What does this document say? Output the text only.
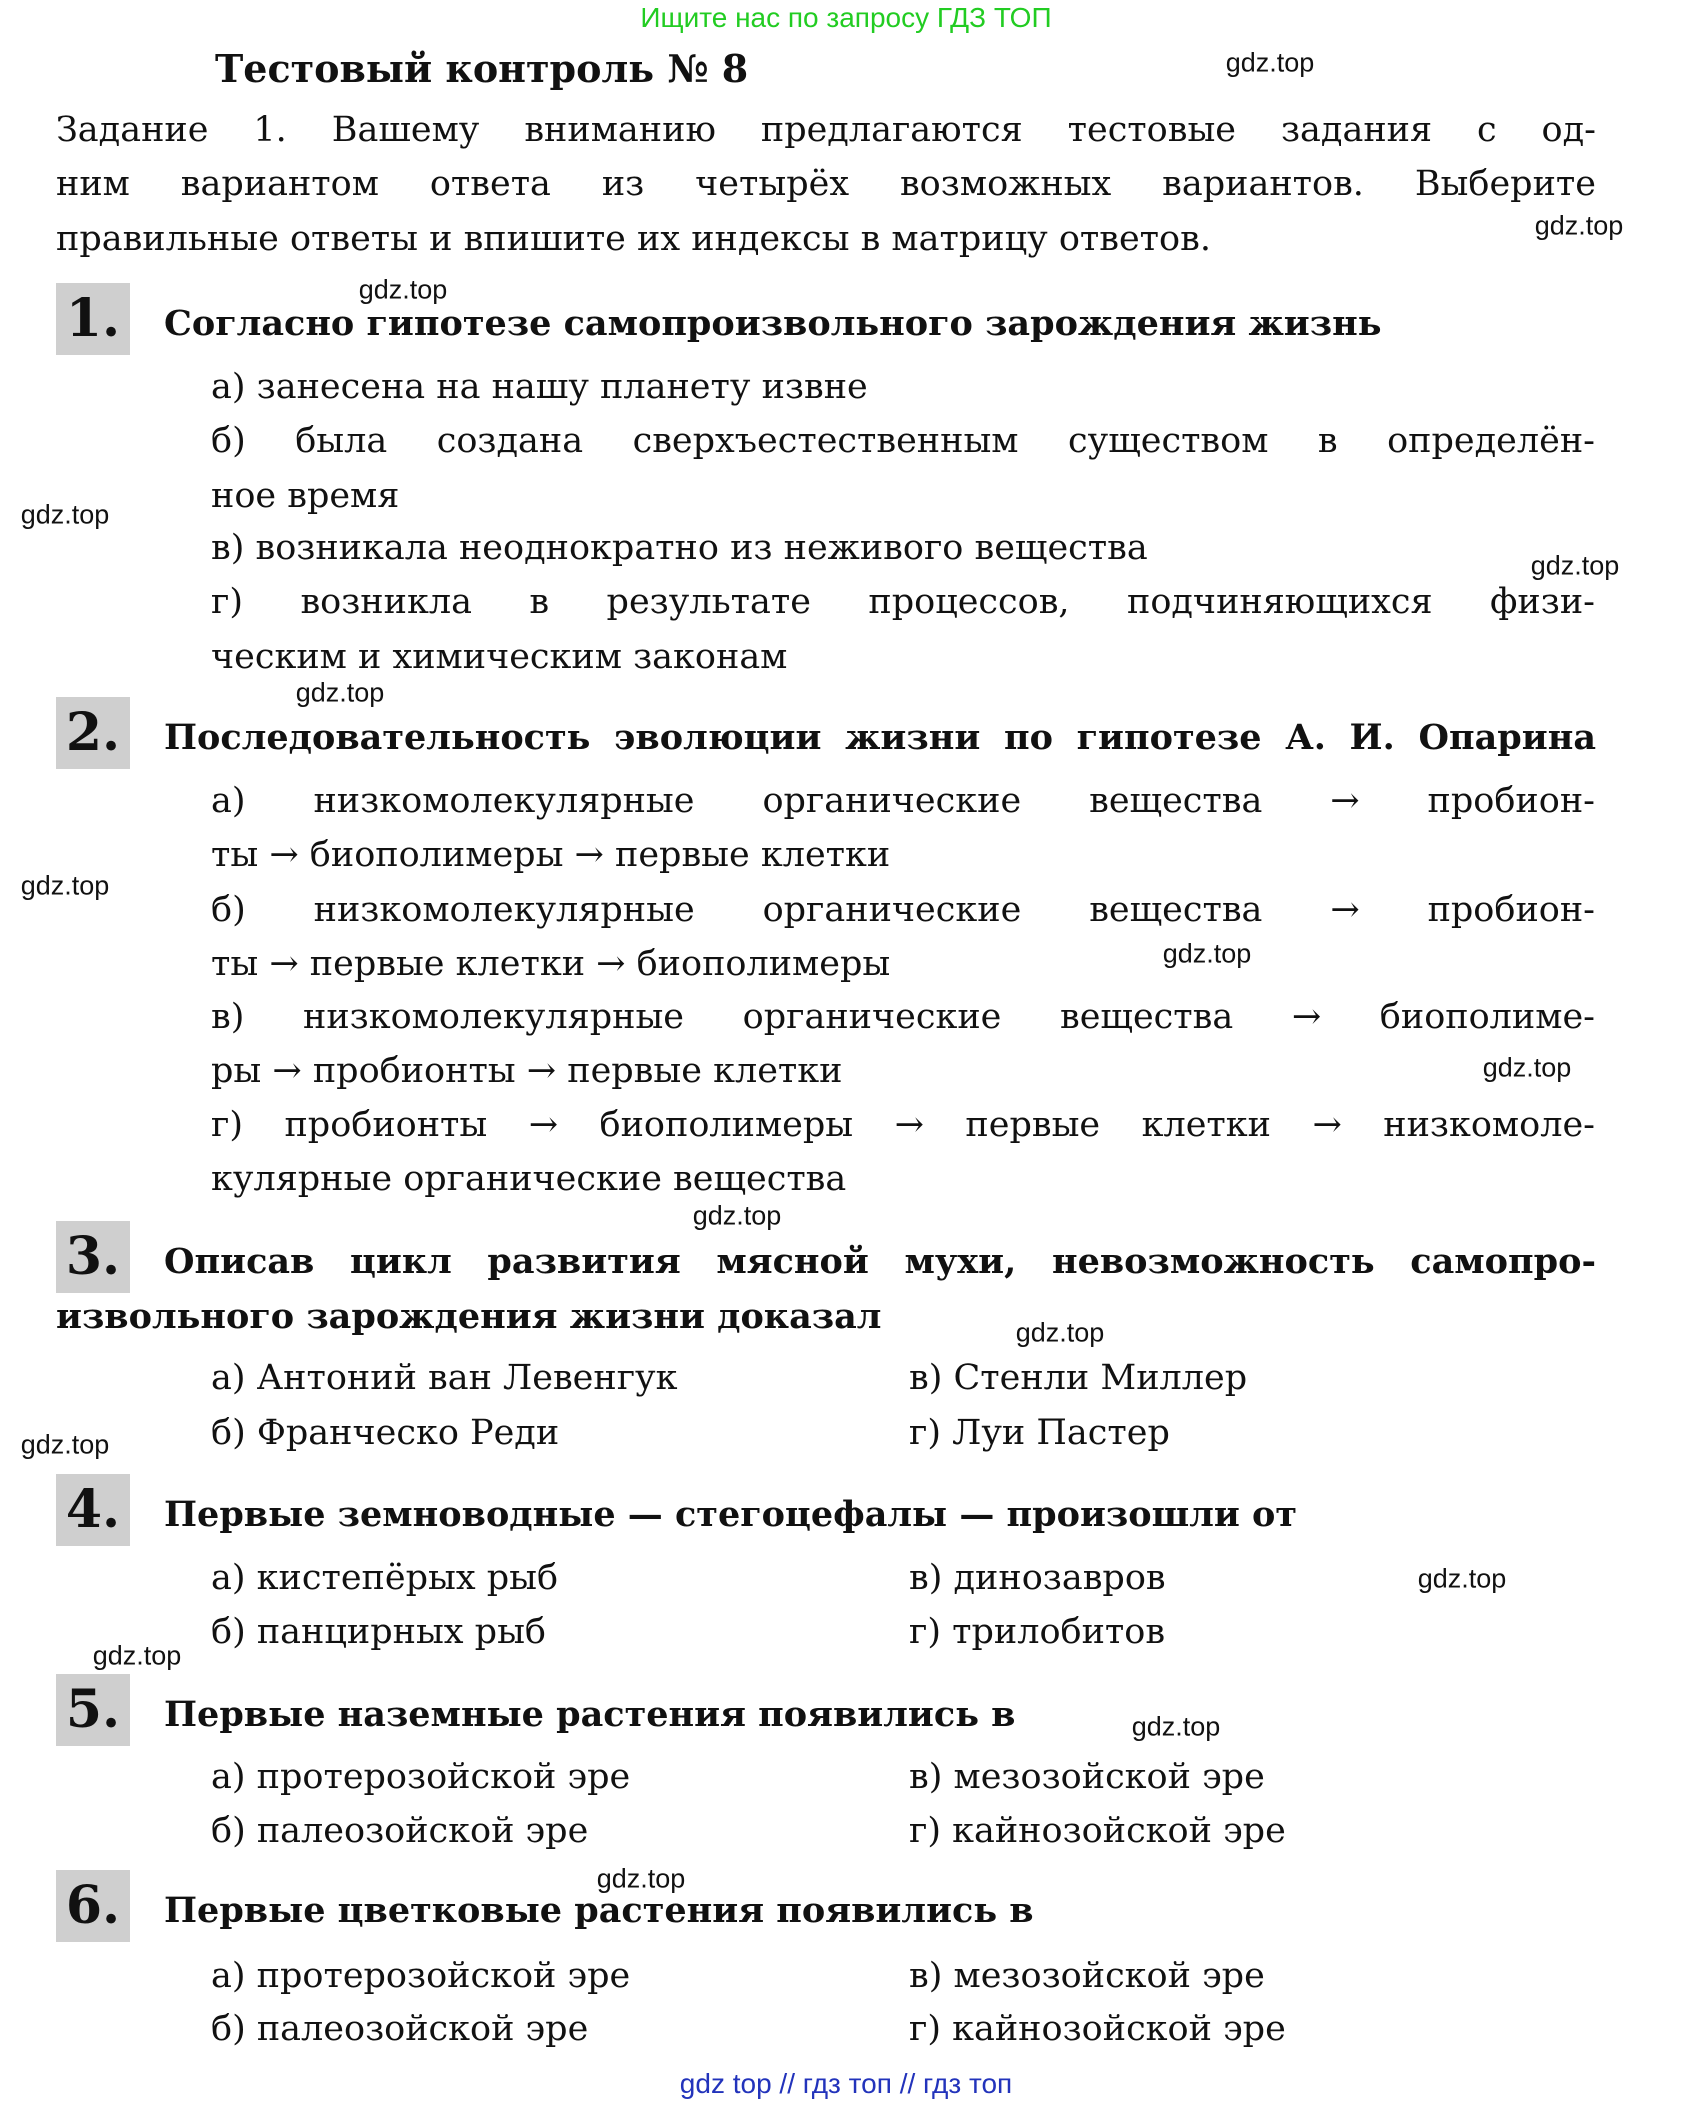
Ищите нас по запросу ГДЗ ТОП
Тестовый контроль № 8
Задание 1. Вашему вниманию предлагаются тестовые задания с од-
ним вариантом ответа из четырёх возможных вариантов. Выберите
правильные ответы и впишите их индексы в матрицу ответов.
1. Согласно гипотезе самопроизвольного зарождения жизнь
а) занесена на нашу планету извне
б) была создана сверхъестественным существом в определён-
ное время
в) возникала неоднократно из неживого вещества
г) возникла в результате процессов, подчиняющихся физи-
ческим и химическим законам
2. Последовательность эволюции жизни по гипотезе А. И. Опарина
а) низкомолекулярные органические вещества → пробион-
ты → биополимеры → первые клетки
б) низкомолекулярные органические вещества → пробион-
ты → первые клетки → биополимеры
в) низкомолекулярные органические вещества → биополиме-
ры → пробионты → первые клетки
г) пробионты → биополимеры → первые клетки → низкомоле-
кулярные органические вещества
3. Описав цикл развития мясной мухи, невозможность самопро-
извольного зарождения жизни доказал
а) Антоний ван Левенгук	в) Стенли Миллер
б) Франческо Реди	г) Луи Пастер
4. Первые земноводные — стегоцефалы — произошли от
а) кистепёрых рыб	в) динозавров
б) панцирных рыб	г) трилобитов
5. Первые наземные растения появились в
а) протерозойской эре	в) мезозойской эре
б) палеозойской эре	г) кайнозойской эре
6. Первые цветковые растения появились в
а) протерозойской эре	в) мезозойской эре
б) палеозойской эре	г) кайнозойской эре
gdz.top
gdz.top
gdz.top
gdz.top
gdz.top
gdz.top
gdz.top
gdz.top
gdz.top
gdz.top
gdz.top
gdz.top
gdz.top
gdz.top
gdz.top
gdz.top
gdz top // гдз топ // гдз топ
